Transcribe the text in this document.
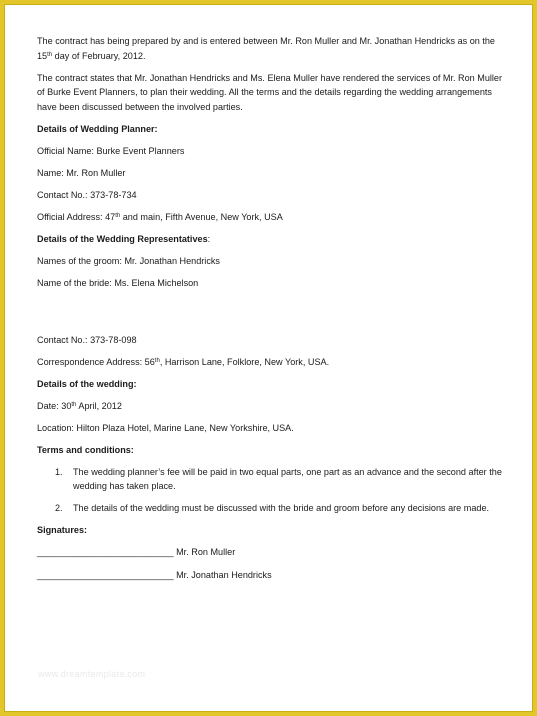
The contract has being prepared by and is entered between Mr. Ron Muller and Mr. Jonathan Hendricks as on the 15th day of February, 2012.

The contract states that Mr. Jonathan Hendricks and Ms. Elena Muller have rendered the services of Mr. Ron Muller of Burke Event Planners, to plan their wedding. All the terms and the details regarding the wedding arrangements have been discussed between the involved parties.

Details of Wedding Planner:

Official Name: Burke Event Planners

Name: Mr. Ron Muller

Contact No.: 373-78-734

Official Address: 47th and main, Fifth Avenue, New York, USA

Details of the Wedding Representatives:

Names of the groom: Mr. Jonathan Hendricks

Name of the bride: Ms. Elena Michelson

Contact No.: 373-78-098

Correspondence Address: 56th, Harrison Lane, Folklore, New York, USA.

Details of the wedding:

Date: 30th April, 2012

Location: Hilton Plaza Hotel, Marine Lane, New Yorkshire, USA.

Terms and conditions:

1. The wedding planner’s fee will be paid in two equal parts, one part as an advance and the second after the wedding has taken place.
2. The details of the wedding must be discussed with the bride and groom before any decisions are made.

Signatures:

___________________________ Mr. Ron Muller

___________________________ Mr. Jonathan Hendricks

www.dreamtemplate.com
